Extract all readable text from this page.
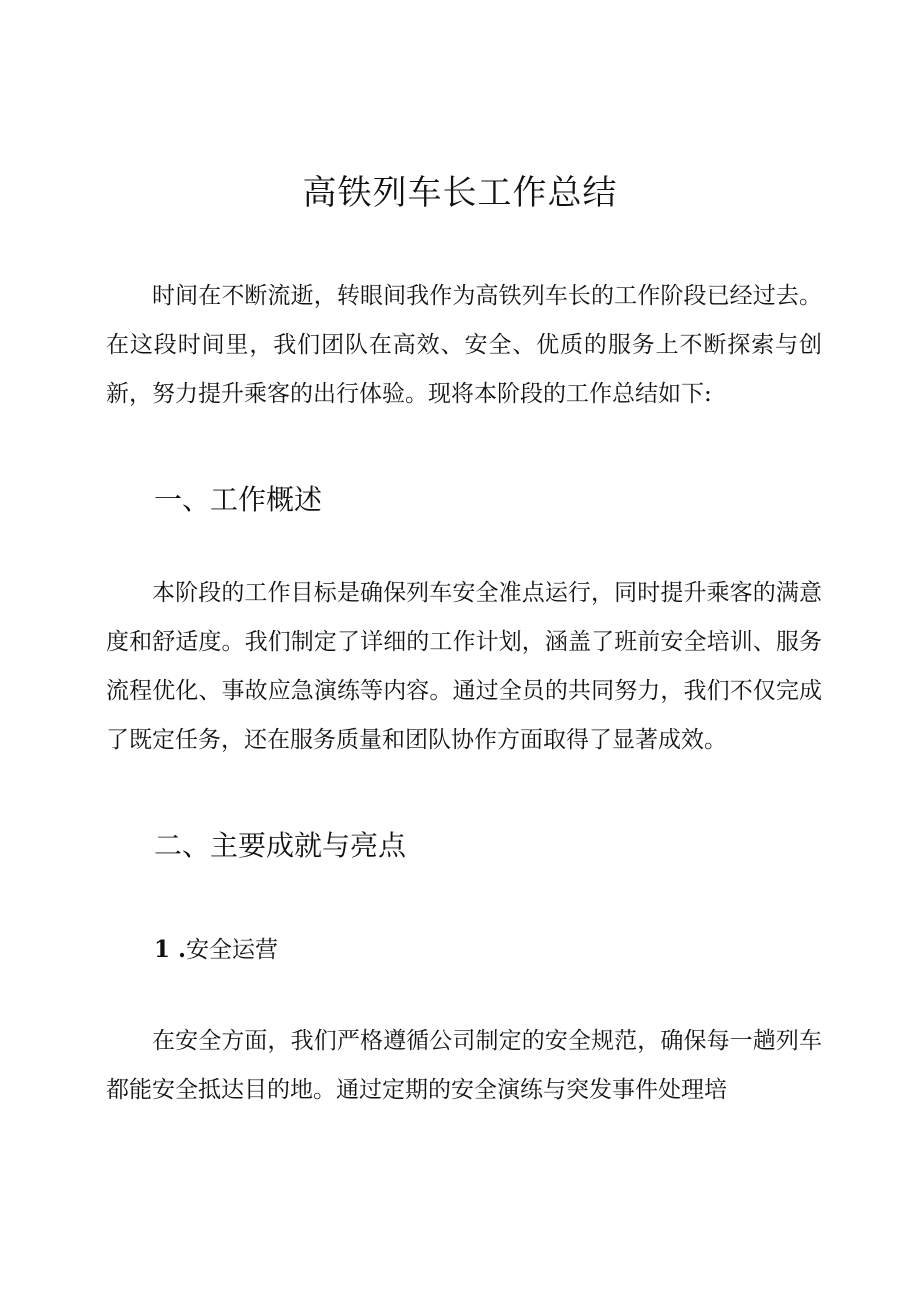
高铁列车长工作总结

时间在不断流逝，转眼间我作为高铁列车长的工作阶段已经过去。在这段时间里，我们团队在高效、安全、优质的服务上不断探索与创新，努力提升乘客的出行体验。现将本阶段的工作总结如下:

一、工作概述

本阶段的工作目标是确保列车安全准点运行，同时提升乘客的满意度和舒适度。我们制定了详细的工作计划，涵盖了班前安全培训、服务流程优化、事故应急演练等内容。通过全员的共同努力，我们不仅完成了既定任务，还在服务质量和团队协作方面取得了显著成效。

二、主要成就与亮点
1 .安全运营

在安全方面，我们严格遵循公司制定的安全规范，确保每一趟列车都能安全抵达目的地。通过定期的安全演练与突发事件处理培
